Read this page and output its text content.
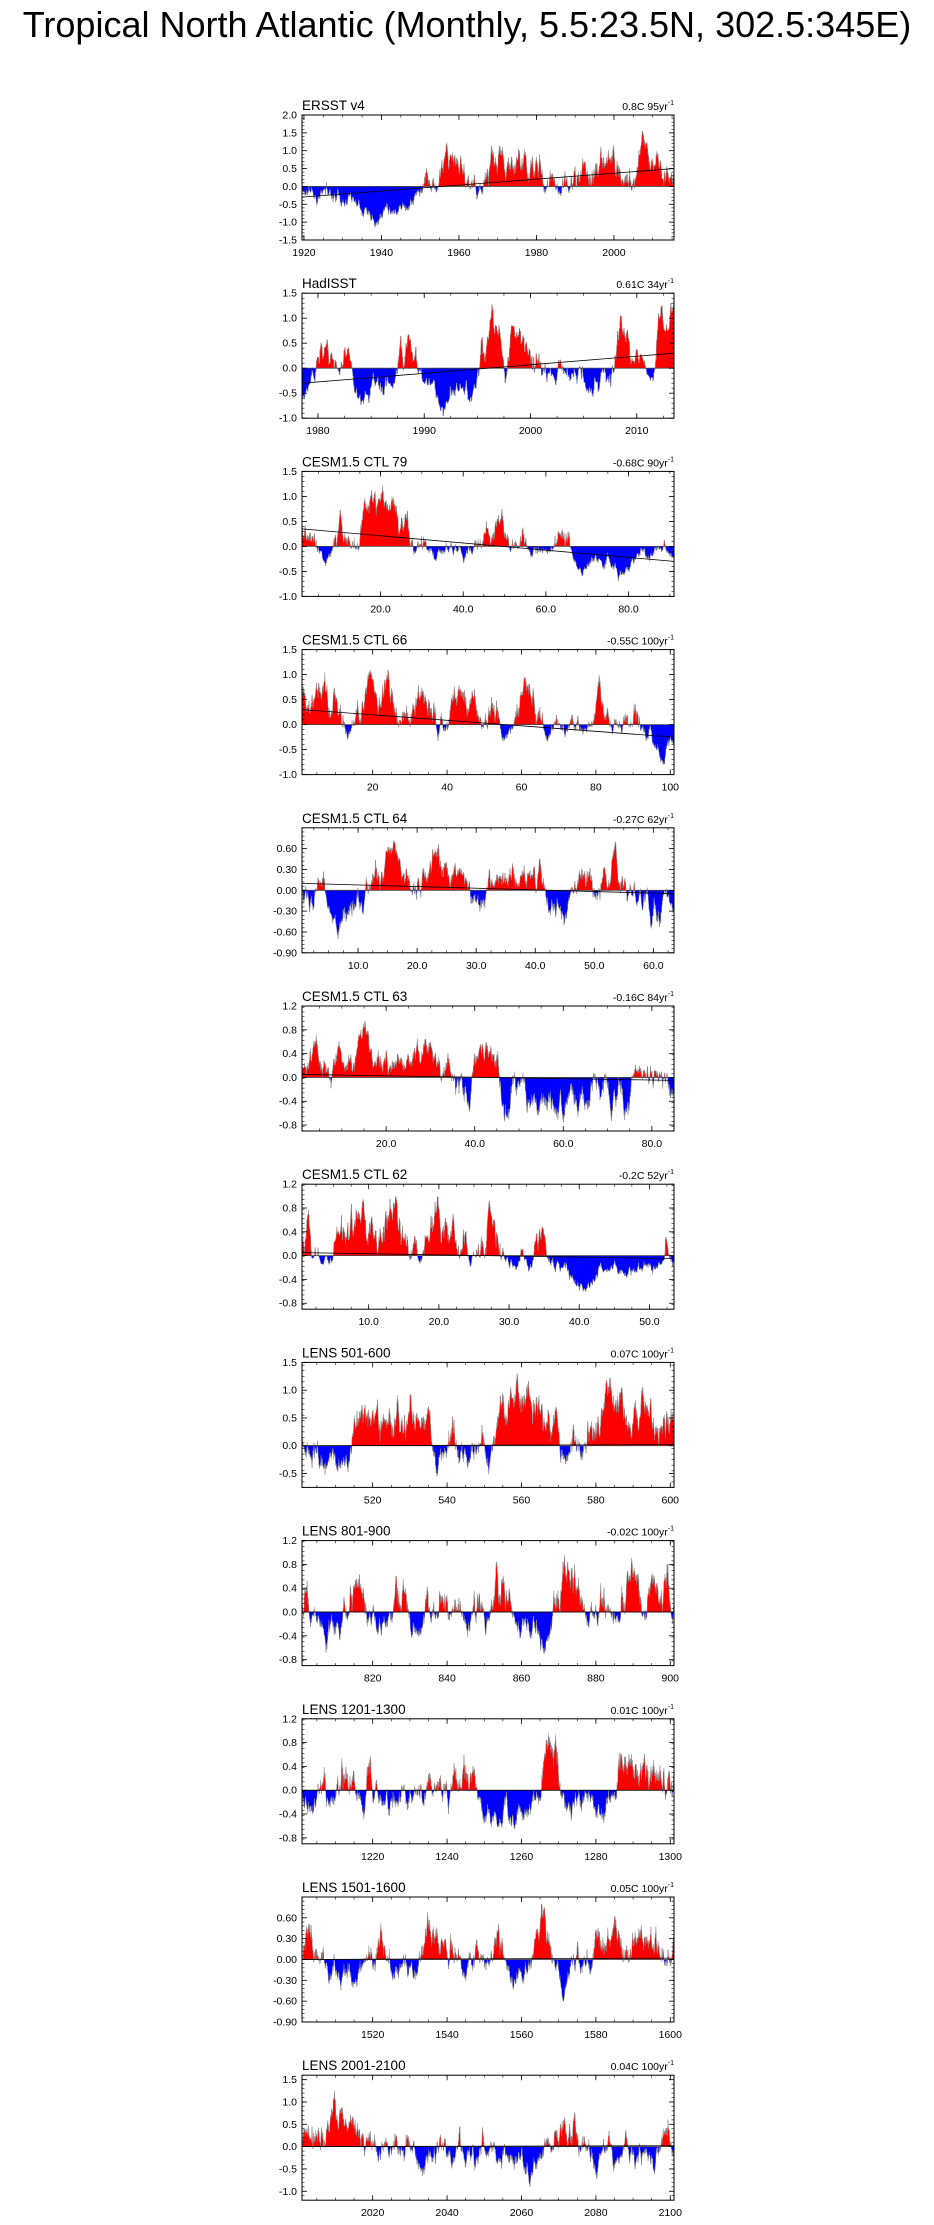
Tropical North Atlantic (Monthly, 5.5:23.5N, 302.5:345E)
ERSST v4	0.8C $95yr^{-1}$
-1.5
-1.0
-0.5
0.0
0.5
1.0
1.5
2.0
1920	1940	1960	1980	2000
HadISST	0.61C $34yr^{-1}$
-1.0
-0.5
0.0
0.5
1.0
1.5
1980	1990	2000	2010
CESM1.5 CTL 79	-0.68C $90yr^{-1}$
-1.0
-0.5
0.0
0.5
1.0
1.5
20.0	40.0	60.0	80.0
CESM1.5 CTL 66	-0.55C $100yr^{-1}$
-1.0
-0.5
0.0
0.5
1.0
1.5
20	40	60	80	100
CESM1.5 CTL 64	-0.27C $62yr^{-1}$
-0.90
-0.60
-0.30
0.00
0.30
0.60
10.0	20.0	30.0	40.0	50.0	60.0
CESM1.5 CTL 63	-0.16C $84yr^{-1}$
-0.8
-0.4
0.0
0.4
0.8
1.2
20.0	40.0	60.0	80.0
CESM1.5 CTL 62	-0.2C $52yr^{-1}$
-0.8
-0.4
0.0
0.4
0.8
1.2
10.0	20.0	30.0	40.0	50.0
LENS 501-600	0.07C $100yr^{-1}$
-0.5
0.0
0.5
1.0
1.5
520	540	560	580	600
LENS 801-900	-0.02C $100yr^{-1}$
-0.8
-0.4
0.0
0.4
0.8
1.2
820	840	860	880	900
LENS 1201-1300	0.01C $100yr^{-1}$
-0.8
-0.4
0.0
0.4
0.8
1.2
1220	1240	1260	1280	1300
LENS 1501-1600	0.05C $100yr^{-1}$
-0.90
-0.60
-0.30
0.00
0.30
0.60
1520	1540	1560	1580	1600
LENS 2001-2100	0.04C $100yr^{-1}$
-1.0
-0.5
0.0
0.5
1.0
1.5
2020	2040	2060	2080	2100
